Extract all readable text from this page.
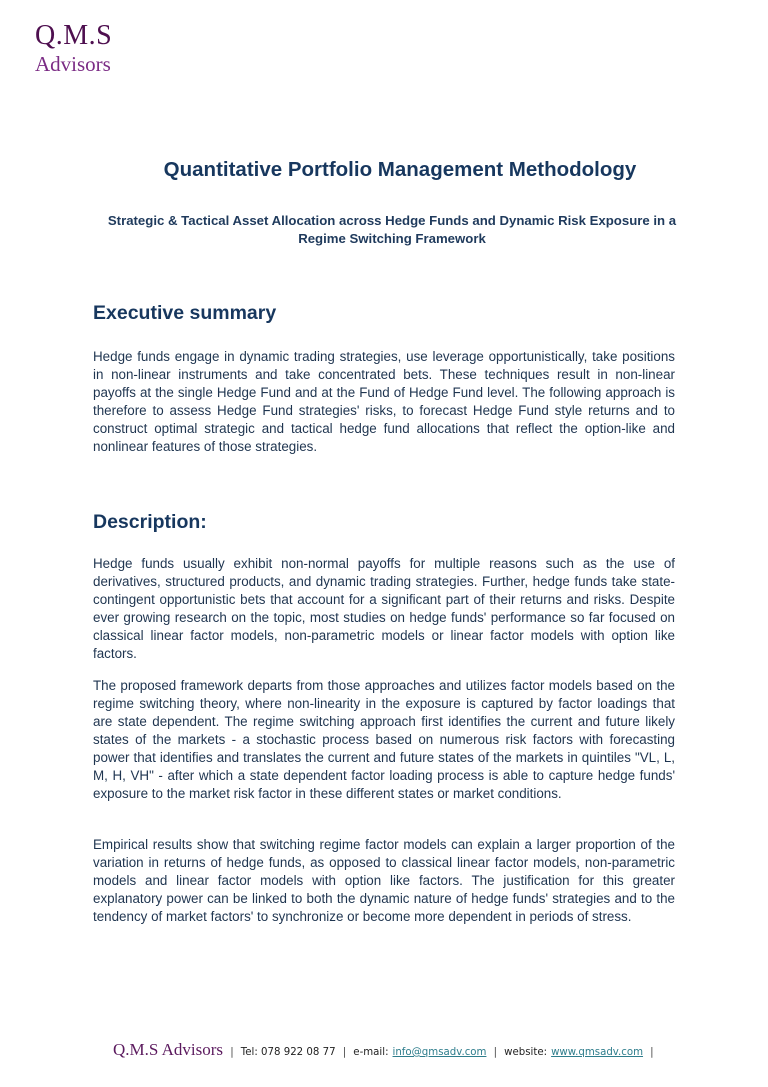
Q.M.S
Advisors
Quantitative Portfolio Management Methodology
Strategic & Tactical Asset Allocation across Hedge Funds and Dynamic Risk Exposure in a Regime Switching Framework
Executive summary

Hedge funds engage in dynamic trading strategies, use leverage opportunistically, take positions in non-linear instruments and take concentrated bets. These techniques result in non-linear payoffs at the single Hedge Fund and at the Fund of Hedge Fund level. The following approach is therefore to assess Hedge Fund strategies' risks, to forecast Hedge Fund style returns and to construct optimal strategic and tactical hedge fund allocations that reflect the option-like and nonlinear features of those strategies.

Description:

Hedge funds usually exhibit non-normal payoffs for multiple reasons such as the use of derivatives, structured products, and dynamic trading strategies. Further, hedge funds take state-contingent opportunistic bets that account for a significant part of their returns and risks. Despite ever growing research on the topic, most studies on hedge funds' performance so far focused on classical linear factor models, non-parametric models or linear factor models with option like factors.

The proposed framework departs from those approaches and utilizes factor models based on the regime switching theory, where non-linearity in the exposure is captured by factor loadings that are state dependent. The regime switching approach first identifies the current and future likely states of the markets - a stochastic process based on numerous risk factors with forecasting power that identifies and translates the current and future states of the markets in quintiles "VL, L, M, H, VH" - after which a state dependent factor loading process is able to capture hedge funds' exposure to the market risk factor in these different states or market conditions.

Empirical results show that switching regime factor models can explain a larger proportion of the variation in returns of hedge funds, as opposed to classical linear factor models, non-parametric models and linear factor models with option like factors. The justification for this greater explanatory power can be linked to both the dynamic nature of hedge funds' strategies and to the tendency of market factors' to synchronize or become more dependent in periods of stress.

Q.M.S Advisors | Tel: 078 922 08 77 | e-mail: info@qmsadv.com | website: www.qmsadv.com |
